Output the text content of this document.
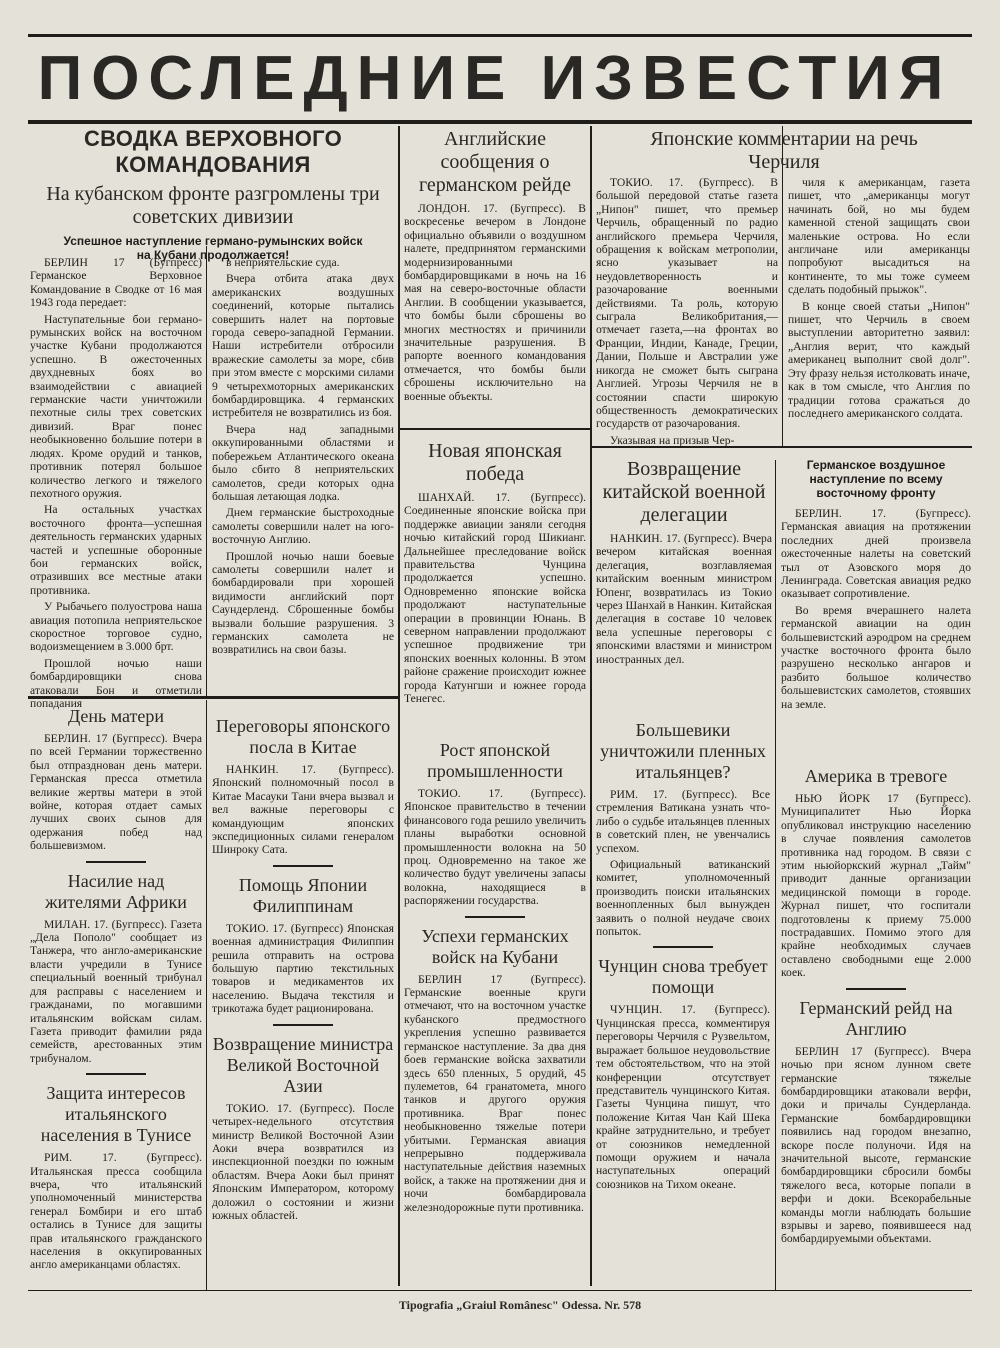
ПОСЛЕДНИЕ ИЗВЕСТИЯ
СВОДКА ВЕРХОВНОГО КОМАНДОВАНИЯ
На кубанском фронте разгромлены три советских дивизии
Успешное наступление германо-румынских войск на Кубани продолжается!

БЕРЛИН 17 (Бугпресс) Германское Верховное Командование в Сводке от 16 мая 1943 года передает:

Наступательные бои германо-румынских войск на восточном участке Кубани продолжаются успешно. В ожесточенных двухдневных боях во взаимодействии с авиацией германские части уничтожили пехотные силы трех советских дивизий. Враг понес необыкновенно большие потери в людях. Кроме орудий и танков, противник потерял большое количество легкого и тяжелого пехотного оружия.

На остальных участках восточного фронта—успешная деятельность германских ударных частей и успешные оборонные бои германских войск, отразивших все местные атаки противника.

У Рыбачьего полуострова наша авиация потопила неприятельское скоростное торговое судно, водоизмещением в 3.000 брт.

Прошлой ночью наши бомбардировщики снова атаковали Бон и отметили попадания

в неприятельские суда.

Вчера отбита атака двух американских воздушных соединений, которые пытались совершить налет на портовые города северо-западной Германии. Наши истребители отбросили вражеские самолеты за море, сбив при этом вместе с морскими силами 9 четырехмоторных американских бомбардировщика. 4 германских истребителя не возвратились из боя.

Вчера над западными оккупированными областями и побережьем Атлантического океана было сбито 8 неприятельских самолетов, среди которых одна большая летающая лодка.

Днем германские быстроходные самолеты совершили налет на юго-восточную Англию.

Прошлой ночью наши боевые самолеты совершили налет и бомбардировали при хорошей видимости английский порт Саундерленд. Сброшенные бомбы вызвали большие разрушения. 3 германских самолета не возвратились на свои базы.

Английские сообщения о германском рейде

ЛОНДОН. 17. (Бугпресс). В воскресенье вечером в Лондоне официально объявили о воздушном налете, предпринятом германскими модернизированными бомбардировщиками в ночь на 16 мая на северо-восточные области Англии. В сообщении указывается, что бомбы были сброшены во многих местностях и причинили значительные разрушения. В рапорте военного командования отмечается, что бомбы были сброшены исключительно на военные объекты.

Японские комментарии на речь Черчиля

ТОКИО. 17. (Бугпресс). В большой передовой статье газета „Нипон" пишет, что премьер Черчиль, обращенный по радио английского премьера Черчиля, обращения к войскам метрополии, ясно указывает на неудовлетворенность и разочарование военными действиями. Та роль, которую сыграла Великобритания,—отмечает газета,—на фронтах во Франции, Индии, Канаде, Греции, Дании, Польше и Австралии уже никогда не сможет быть сыграна Англией. Угрозы Черчиля не в состоянии спасти широкую общественность демократических государств от разочарования.

Указывая на призыв Чер-

чиля к американцам, газета пишет, что „американцы могут начинать бой, но мы будем каменной стеной защищать свои маленькие острова. Но если англичане или американцы попробуют высадиться на континенте, то мы тоже сумеем сделать подобный прыжок".

В конце своей статьи „Нипон" пишет, что Черчиль в своем выступлении авторитетно заявил: „Англия верит, что каждый американец выполнит свой долг". Эту фразу нельзя истолковать иначе, как в том смысле, что Англия по традиции готова сражаться до последнего американского солдата.

Новая японская победа

ШАНХАЙ. 17. (Бугпресс). Соединенные японские войска при поддержке авиации заняли сегодня ночью китайский город Шикианг. Дальнейшее преследование войск правительства Чунцина продолжается успешно. Одновременно японские войска продолжают наступательные операции в провинции Юнань. В северном направлении продолжают успешное продвижение три японских военных колонны. В этом районе сражение происходит южнее города Катунгши и южнее города Тенегес.

Возвращение китайской военной делегации

НАНКИН. 17. (Бугпресс). Вчера вечером китайская военная делегация, возглавляемая китайским военным министром Юпенг, возвратилась из Токио через Шанхай в Нанкин. Китайская делегация в составе 10 человек вела успешные переговоры с японскими властями и министром иностранных дел.

Германское воздушное наступление по всему восточному фронту

БЕРЛИН. 17. (Бугпресс). Германская авиация на протяжении последних дней произвела ожесточенные налеты на советский тыл от Азовского моря до Ленинграда. Советская авиация редко оказывает сопротивление.

Во время вчерашнего налета германской авиации на один большевистский аэродром на среднем участке восточного фронта было разрушено несколько ангаров и разбито большое количество большевистских самолетов, стоявших на земле.

День матери

БЕРЛИН. 17 (Бугпресс). Вчера по всей Германии торжественно был отпразднован день матери. Германская пресса отметила великие жертвы матери в этой войне, которая отдает самых лучших своих сынов для одержания побед над большевизмом.

Насилие над жителями Африки

МИЛАН. 17. (Бугпресс). Газета „Дела Пополо" сообщает из Танжера, что англо-американские власти учредили в Тунисе специальный военный трибунал для расправы с населением и гражданами, по могавшими итальянским войскам силам. Газета приводит фамилии ряда семейств, арестованных этим трибуналом.

Защита интересов итальянского населения в Тунисе

РИМ. 17. (Бугпресс). Итальянская пресса сообщила вчера, что итальянский уполномоченный министерства генерал Бомбири и его штаб остались в Тунисе для защиты прав итальянского гражданского населения в оккупированных англо американцами областях.

Переговоры японского посла в Китае

НАНКИН. 17. (Бугпресс). Японский полномочный посол в Китае Масауки Тани вчера вызвал и вел важные переговоры с командующим японских экспедиционных силами генералом Шинроку Сата.

Помощь Японии Филиппинам

ТОКИО. 17. (Бугпресс) Японская военная администрация Филиппин решила отправить на острова большую партию текстильных товаров и медикаментов их населению. Выдача текстиля и трикотажа будет рационирована.

Возвращение министра Великой Восточной Азии

ТОКИО. 17. (Бугпресс). После четырех-недельного отсутствия министр Великой Восточной Азии Аоки вчера возвратился из инспекционной поездки по южным областям. Вчера Аоки был принят Японским Императором, которому доложил о состоянии и жизни южных областей.

Рост японской промышленности

ТОКИО. 17. (Бугпресс). Японское правительство в течении финансового года решило увеличить планы выработки основной промышленности волокна на 50 проц. Одновременно на такое же количество будут увеличены запасы волокна, находящиеся в распоряжении государства.

Успехи германских войск на Кубани

БЕРЛИН 17 (Бугпресс). Германские военные круги отмечают, что на восточном участке кубанского предмостного укрепления успешно развивается германское наступление. За два дня боев германские войска захватили здесь 650 пленных, 5 орудий, 45 пулеметов, 64 гранатомета, много танков и другого оружия противника. Враг понес необыкновенно тяжелые потери убитыми. Германская авиация непрерывно поддерживала наступательные действия наземных войск, а также на протяжении дня и ночи бомбардировала железнодорожные пути противника.

Большевики уничтожили пленных итальянцев?

РИМ. 17. (Бугпресс). Все стремления Ватикана узнать что-либо о судьбе итальянцев пленных в советский плен, не увенчались успехом.

Официальный ватиканский комитет, уполномоченный производить поиски итальянских военнопленных был вынужден заявить о полной неудаче своих попыток.

Чунцин снова требует помощи

ЧУНЦИН. 17. (Бугпресс). Чунцинская пресса, комментируя переговоры Черчиля с Рузвельтом, выражает большое неудовольствие тем обстоятельством, что на этой конференции отсутствует представитель чунцинского Китая. Газеты Чунцина пишут, что положение Китая Чан Кай Шека крайне затруднительно, и требует от союзников немедленной помощи оружием и начала наступательных операций союзников на Тихом океане.

Америка в тревоге

НЬЮ ЙОРК 17 (Бугпресс). Муниципалитет Нью Йорка опубликовал инструкцию населению в случае появления самолетов противника над городом. В связи с этим ньюйоркский журнал „Тайм" приводит данные организации медицинской помощи в городе. Журнал пишет, что госпитали подготовлены к приему 75.000 пострадавших. Помимо этого для крайне необходимых случаев оставлено свободными еще 2.000 коек.

Германский рейд на Англию

БЕРЛИН 17 (Бугпресс). Вчера ночью при ясном лунном свете германские тяжелые бомбардировщики атаковали верфи, доки и причалы Сундерланда. Германские бомбардировщики появились над городом внезапно, вскоре после полуночи. Идя на значительной высоте, германские бомбардировщики сбросили бомбы тяжелого веса, которые попали в верфи и доки. Всекорабельные команды могли наблюдать большие взрывы и зарево, появившееся над бомбардируемыми объектами.

Tipografia „Graiul Românesc" Odessa. Nr. 578
